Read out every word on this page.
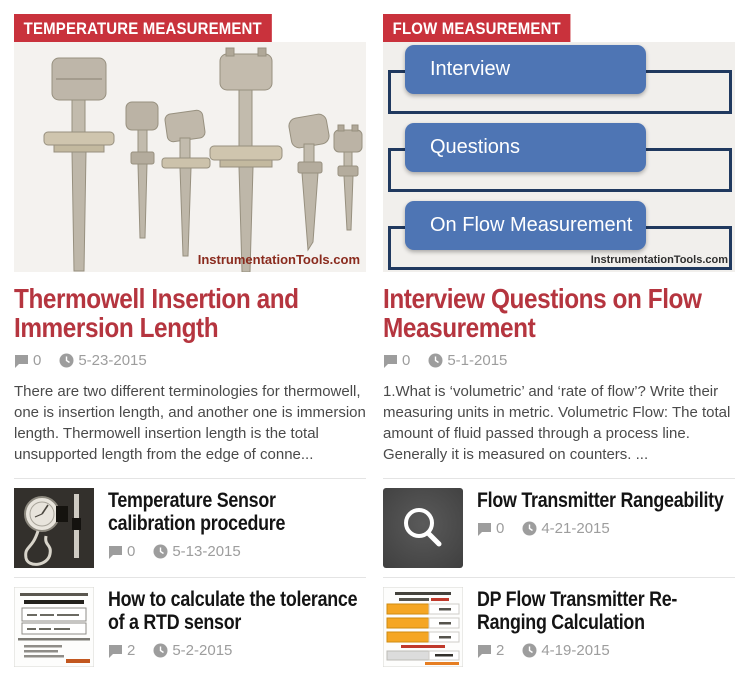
TEMPERATURE MEASUREMENT
InstrumentationTools.com
Thermowell Insertion and Immersion Length
0 5-23-2015

There are two different terminologies for thermowell, one is insertion length, and another one is immersion length. Thermowell insertion length is the total unsupported length from the edge of conne...

Temperature Sensor calibration procedure
0 5-13-2015
How to calculate the tolerance of a RTD sensor
2 5-2-2015
FLOW MEASUREMENT
Interview
Questions
On Flow Measurement
InstrumentationTools.com
Interview Questions on Flow Measurement
0 5-1-2015

1.What is ‘volumetric’ and ‘rate of flow’? Write their measuring units in metric. Volumetric Flow: The total amount of fluid passed through a process line. Generally it is measured on counters. ...

Flow Transmitter Rangeability
0 4-21-2015
DP Flow Transmitter Re-Ranging Calculation
2 4-19-2015
